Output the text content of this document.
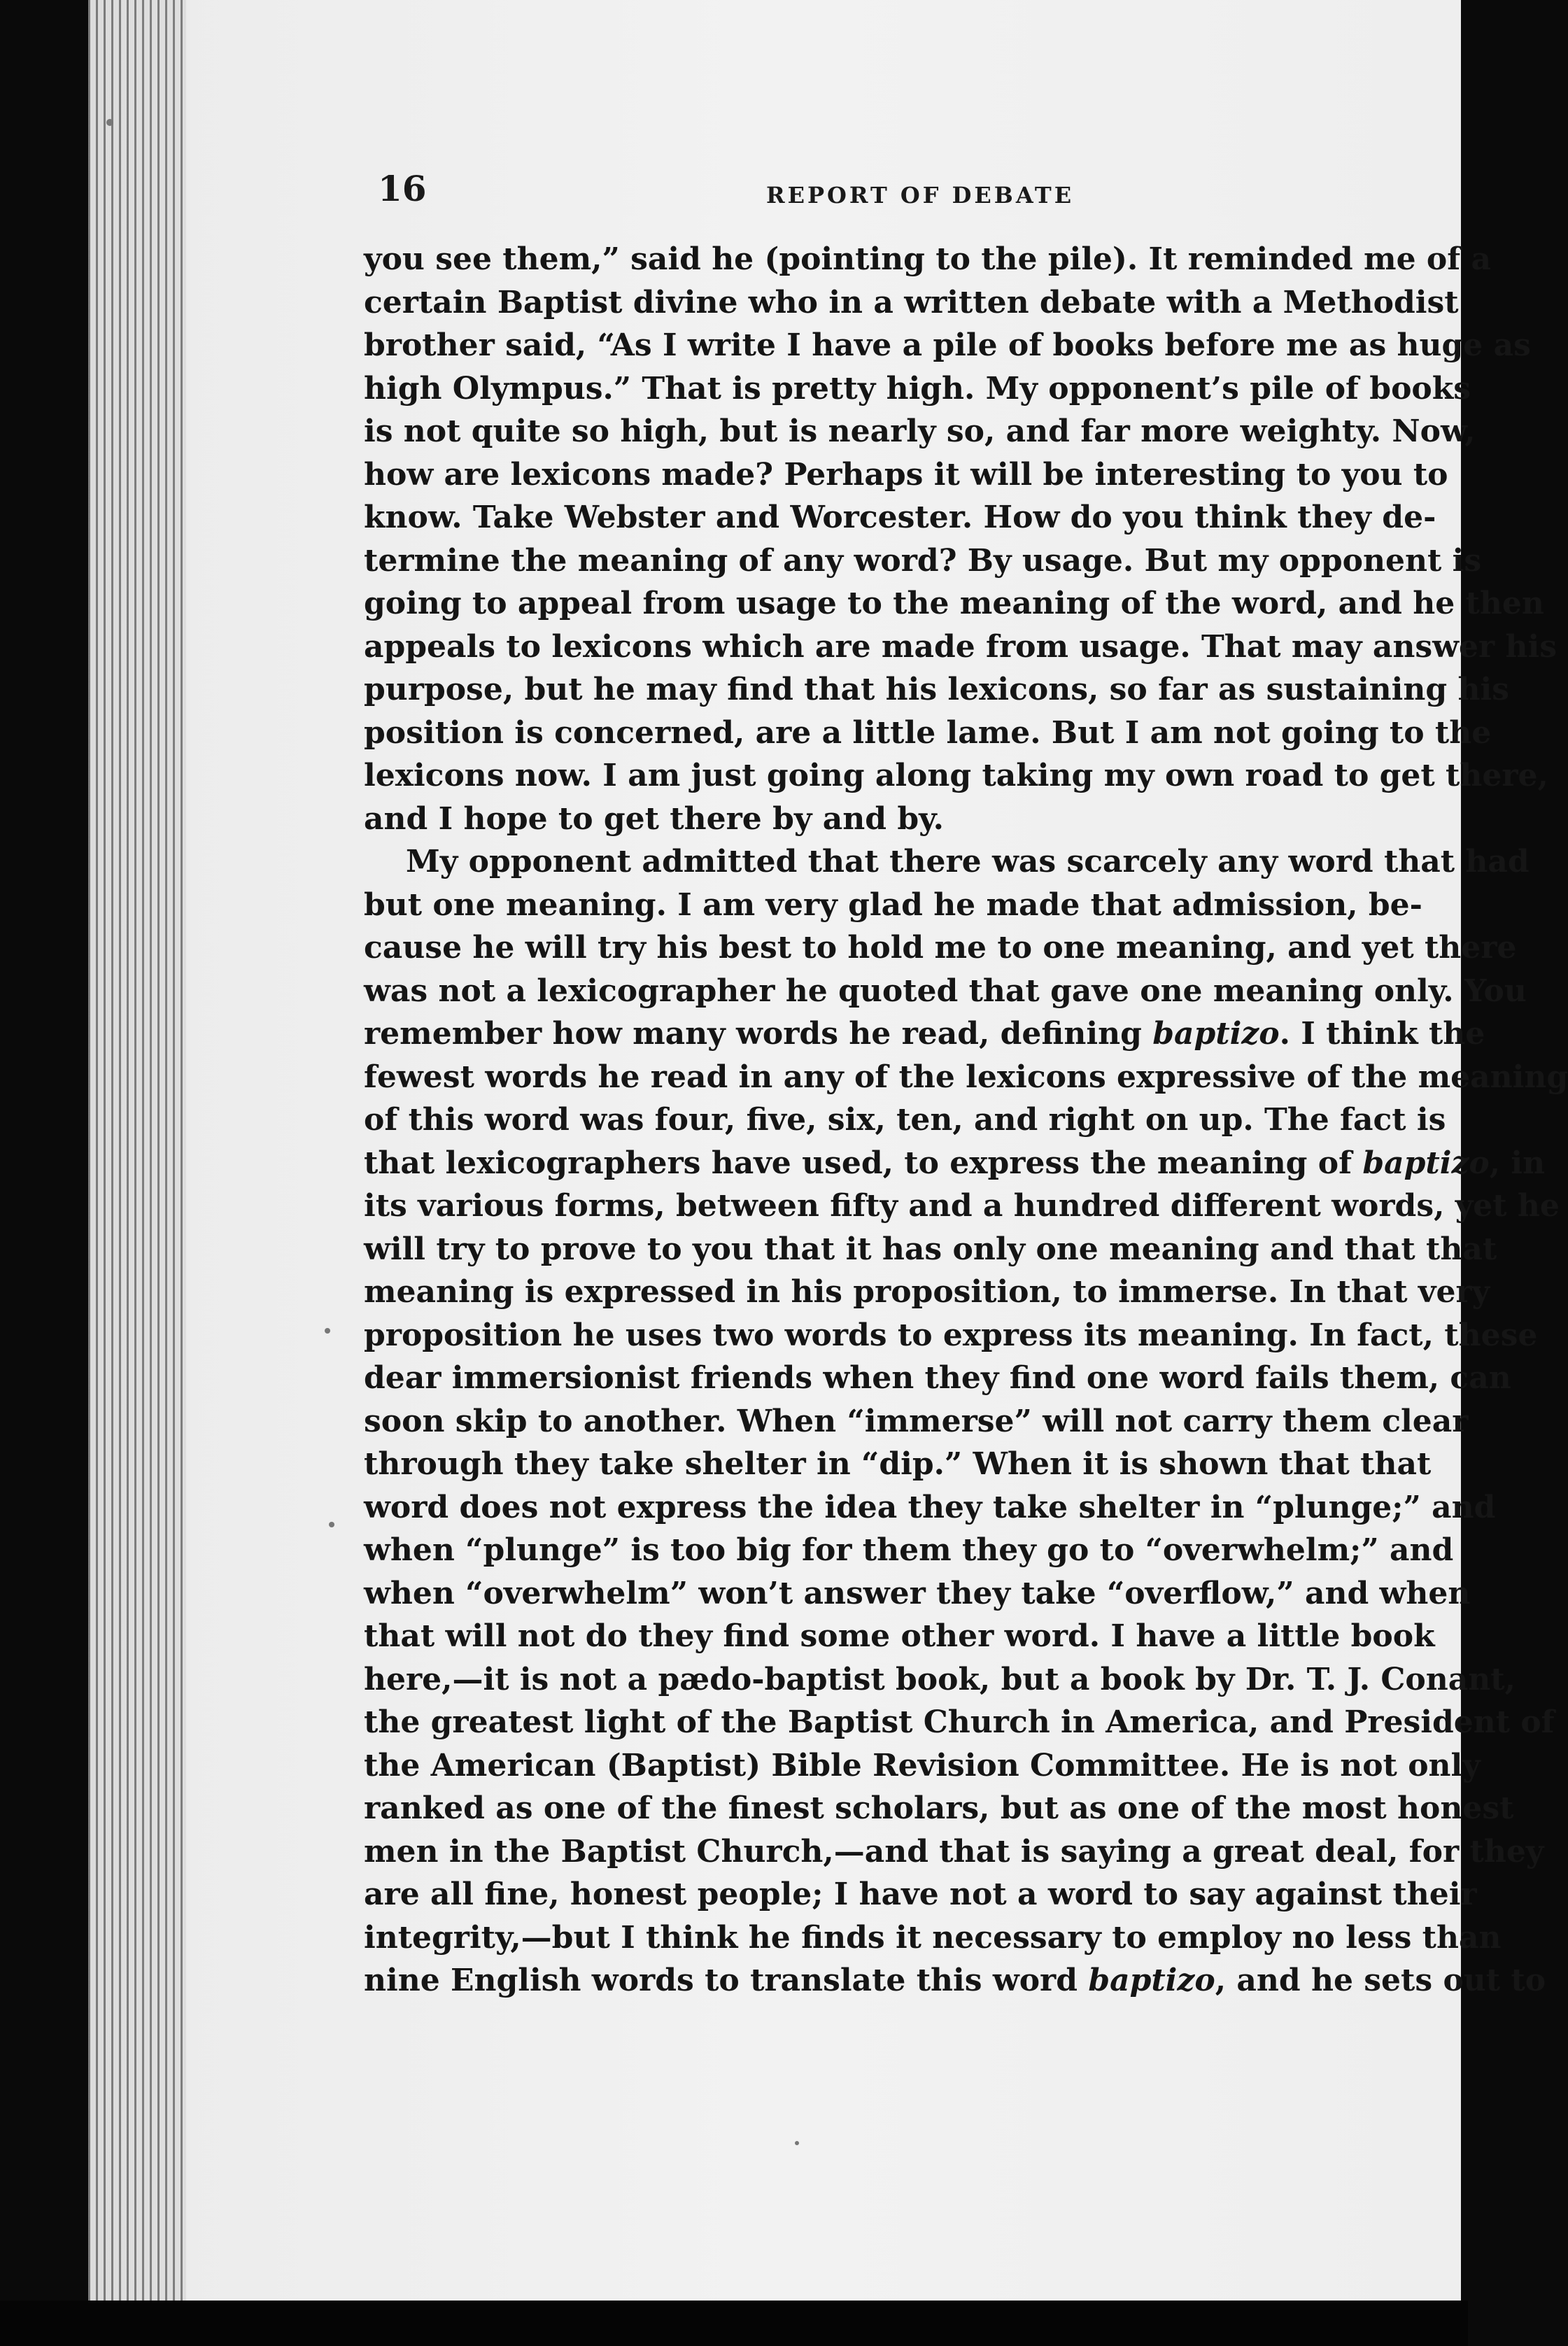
16	REPORT OF DEBATE
you see them,” said he (pointing to the pile). It reminded me of a
certain Baptist divine who in a written debate with a Methodist
brother said, “As I write I have a pile of books before me as huge as
high Olympus.” That is pretty high. My opponent’s pile of books
is not quite so high, but is nearly so, and far more weighty. Now,
how are lexicons made? Perhaps it will be interesting to you to
know. Take Webster and Worcester. How do you think they de-
termine the meaning of any word? By usage. But my opponent is
going to appeal from usage to the meaning of the word, and he then
appeals to lexicons which are made from usage. That may answer his
purpose, but he may find that his lexicons, so far as sustaining his
position is concerned, are a little lame. But I am not going to the
lexicons now. I am just going along taking my own road to get there,
and I hope to get there by and by.
My opponent admitted that there was scarcely any word that had
but one meaning. I am very glad he made that admission, be-
cause he will try his best to hold me to one meaning, and yet there
was not a lexicographer he quoted that gave one meaning only. You
remember how many words he read, defining baptizo. I think the
fewest words he read in any of the lexicons expressive of the meaning
of this word was four, five, six, ten, and right on up. The fact is
that lexicographers have used, to express the meaning of baptizo, in
its various forms, between fifty and a hundred different words, yet he
will try to prove to you that it has only one meaning and that that
meaning is expressed in his proposition, to immerse. In that very
proposition he uses two words to express its meaning. In fact, these
dear immersionist friends when they find one word fails them, can
soon skip to another. When “immerse” will not carry them clear
through they take shelter in “dip.” When it is shown that that
word does not express the idea they take shelter in “plunge;” and
when “plunge” is too big for them they go to “overwhelm;” and
when “overwhelm” won’t answer they take “overflow,” and when
that will not do they find some other word. I have a little book
here,—it is not a pædo-baptist book, but a book by Dr. T. J. Conant,
the greatest light of the Baptist Church in America, and President of
the American (Baptist) Bible Revision Committee. He is not only
ranked as one of the finest scholars, but as one of the most honest
men in the Baptist Church,—and that is saying a great deal, for they
are all fine, honest people; I have not a word to say against their
integrity,—but I think he finds it necessary to employ no less than
nine English words to translate this word baptizo, and he sets out to
